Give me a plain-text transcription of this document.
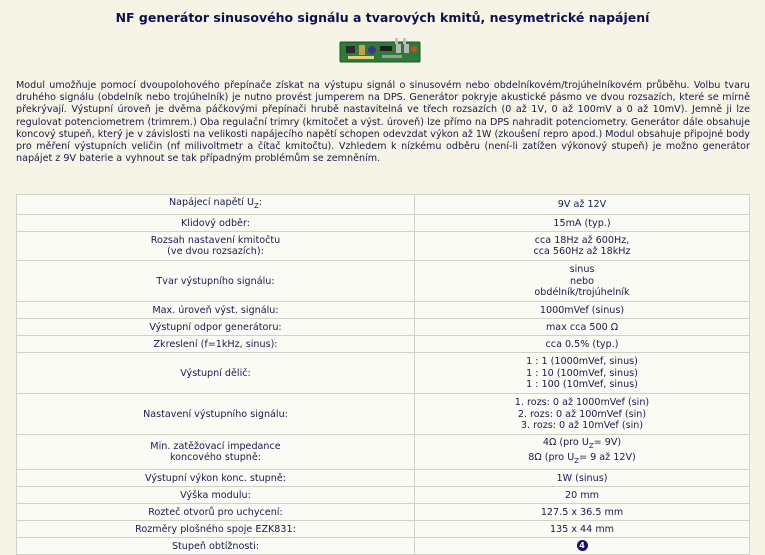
NF generátor sinusového signálu a tvarových kmitů, nesymetrické napájení

Modul umožňuje pomocí dvoupolohového přepínače získat na výstupu signál o sinusovém nebo obdelníkovém/trojúhelníkovém průběhu. Volbu tvaru druhého signálu (obdelník nebo trojúhelník) je nutno provést jumperem na DPS. Generátor pokryje akustické pásmo ve dvou rozsazích, které se mírně překrývají. Výstupní úroveň je dvěma páčkovými přepínači hrubě nastavitelná ve třech rozsazích (0 až 1V, 0 až 100mV a 0 až 10mV). Jemně ji lze regulovat potenciometrem (trimrem.) Oba regulační trimry (kmitočet a výst. úroveň) lze přímo na DPS nahradit potenciometry. Generátor dále obsahuje koncový stupeň, který je v závislosti na velikosti napájecího napětí schopen odevzdat výkon až 1W (zkoušení repro apod.) Modul obsahuje připojné body pro měření výstupních veličin (nf milivoltmetr a čítač kmitočtu). Vzhledem k nízkému odběru (není-li zatížen výkonový stupeň) je možno generátor napájet z 9V baterie a vyhnout se tak případným problémům se zemněním.

Napájecí napětí $U_Z$:	9V až 12V
Klidový odběr:	15mA (typ.)

Rozsah nastavení kmitočtu
(ve dvou rozsazích):	cca 18Hz až 600Hz,
cca 560Hz až 18kHz

Tvar výstupního signálu:	sinus
nebo
obdélník/trojúhelník

Max. úroveň výst. signálu:	1000mVef (sinus)
Výstupní odpor generátoru:	max cca 500 Ω
Zkreslení (f=1kHz, sinus):	cca 0.5% (typ.)
Výstupní dělič:	1 : 1 (1000mVef, sinus)
1 : 10 (100mVef, sinus)
1 : 100 (10mVef, sinus)

Nastavení výstupního signálu:	1. rozs: 0 až 1000mVef (sin)
2. rozs: 0 až 100mVef (sin)
3. rozs: 0 až 10mVef (sin)

Min. zatěžovací impedance
koncového stupně:	4Ω (pro $U_Z= 9V$)
8Ω (pro $U_Z= 9$ až 12V)

Výstupní výkon konc. stupně:	1W (sinus)
Výška modulu:	20 mm
Rozteč otvorů pro uchycení:	127.5 x 36.5 mm
Rozměry plošného spoje EZK831:	135 x 44 mm
Stupeň obtížnosti:	4
